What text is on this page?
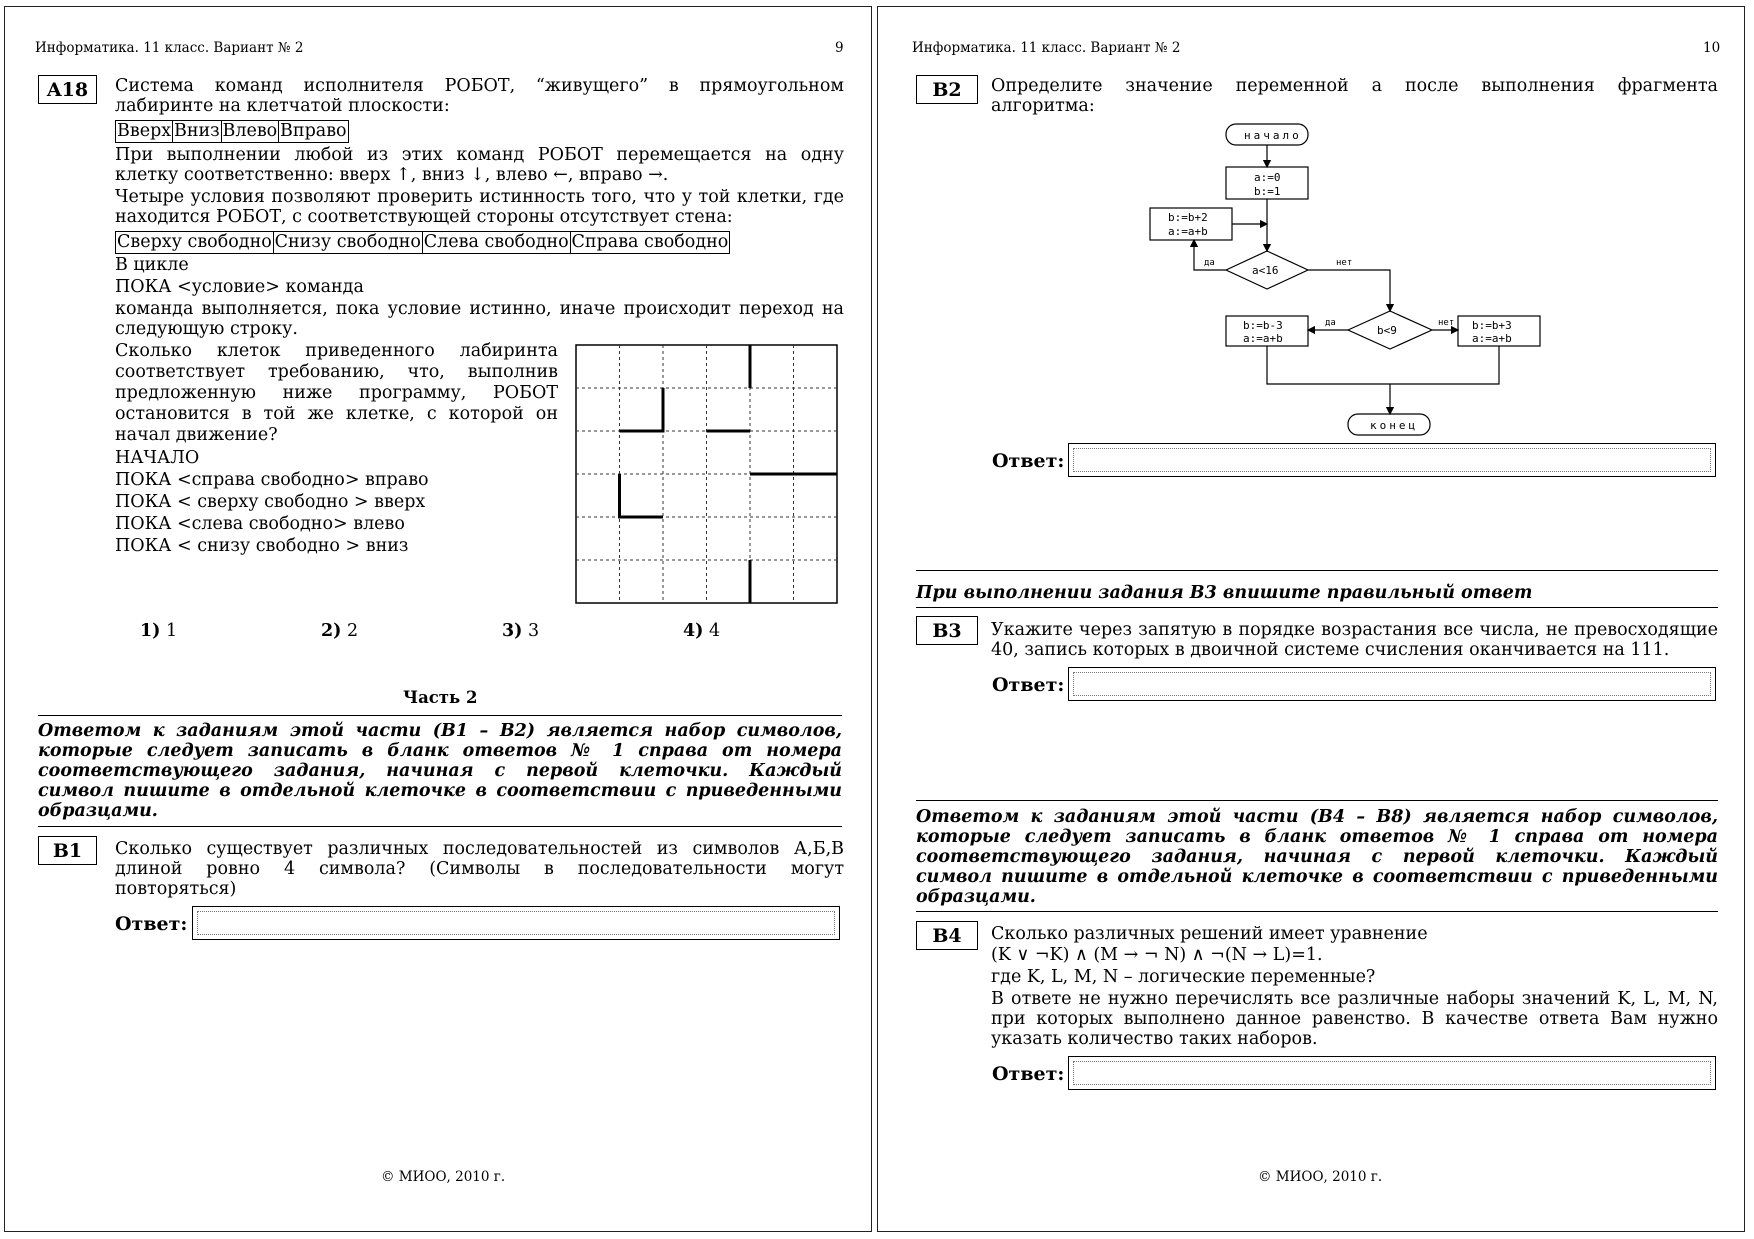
Информатика. 11 класс. Вариант № 2	9
A18	Система команд исполнителя РОБОТ, “живущего” в прямоугольном
лабиринте на клетчатой плоскости:
Вверх Вниз Влево Вправо
При выполнении любой из этих команд РОБОТ перемещается на одну
клетку соответственно: вверх ↑, вниз ↓, влево ←, вправо →.
Четыре условия позволяют проверить истинность того, что у той клетки, где
находится РОБОТ, с соответствующей стороны отсутствует стена:
Сверху свободно Снизу свободно Слева свободно Справа свободно
В цикле
ПОКА <условие> команда
команда выполняется, пока условие истинно, иначе происходит переход на
следующую строку.
Сколько клеток приведенного лабиринта
соответствует требованию, что, выполнив
предложенную ниже программу, РОБОТ
остановится в той же клетке, с которой он
начал движение?
НАЧАЛО
ПОКА <справа свободно> вправо
ПОКА < сверху свободно > вверх
ПОКА <слева свободно> влево
ПОКА < снизу свободно > вниз
1) 1	2) 2	3) 3	4) 4
Часть 2
Ответом к заданиям этой части (В1 – В2) является набор символов,
которые следует записать в бланк ответов № 1 справа от номера
соответствующего задания, начиная с первой клеточки. Каждый
символ пишите в отдельной клеточке в соответствии с приведенными
образцами.
B1	Сколько существует различных последовательностей из символов А,Б,В
длиной ровно 4 символа? (Символы в последовательности могут
повторяться)
Ответ:
© МИОО, 2010 г.
Информатика. 11 класс. Вариант № 2	10
B2	Определите значение переменной a после выполнения фрагмента
алгоритма:
начало
a:=0
b:=1
b:=b+2
a:=a+b
a<16
да	нет
b<9
да	нет
b:=b-3
a:=a+b
b:=b+3
a:=a+b
конец
Ответ:
При выполнении задания В3 впишите правильный ответ
B3	Укажите через запятую в порядке возрастания все числа, не превосходящие
40, запись которых в двоичной системе счисления оканчивается на 111.
Ответ:
Ответом к заданиям этой части (В4 – В8) является набор символов,
которые следует записать в бланк ответов № 1 справа от номера
соответствующего задания, начиная с первой клеточки. Каждый
символ пишите в отдельной клеточке в соответствии с приведенными
образцами.
B4	Сколько различных решений имеет уравнение
(K ∨ ¬K) ∧ (M → ¬ N) ∧ ¬(N → L)=1.
где K, L, M, N – логические переменные?
В ответе не нужно перечислять все различные наборы значений K, L, M, N,
при которых выполнено данное равенство. В качестве ответа Вам нужно
указать количество таких наборов.
Ответ:
© МИОО, 2010 г.
